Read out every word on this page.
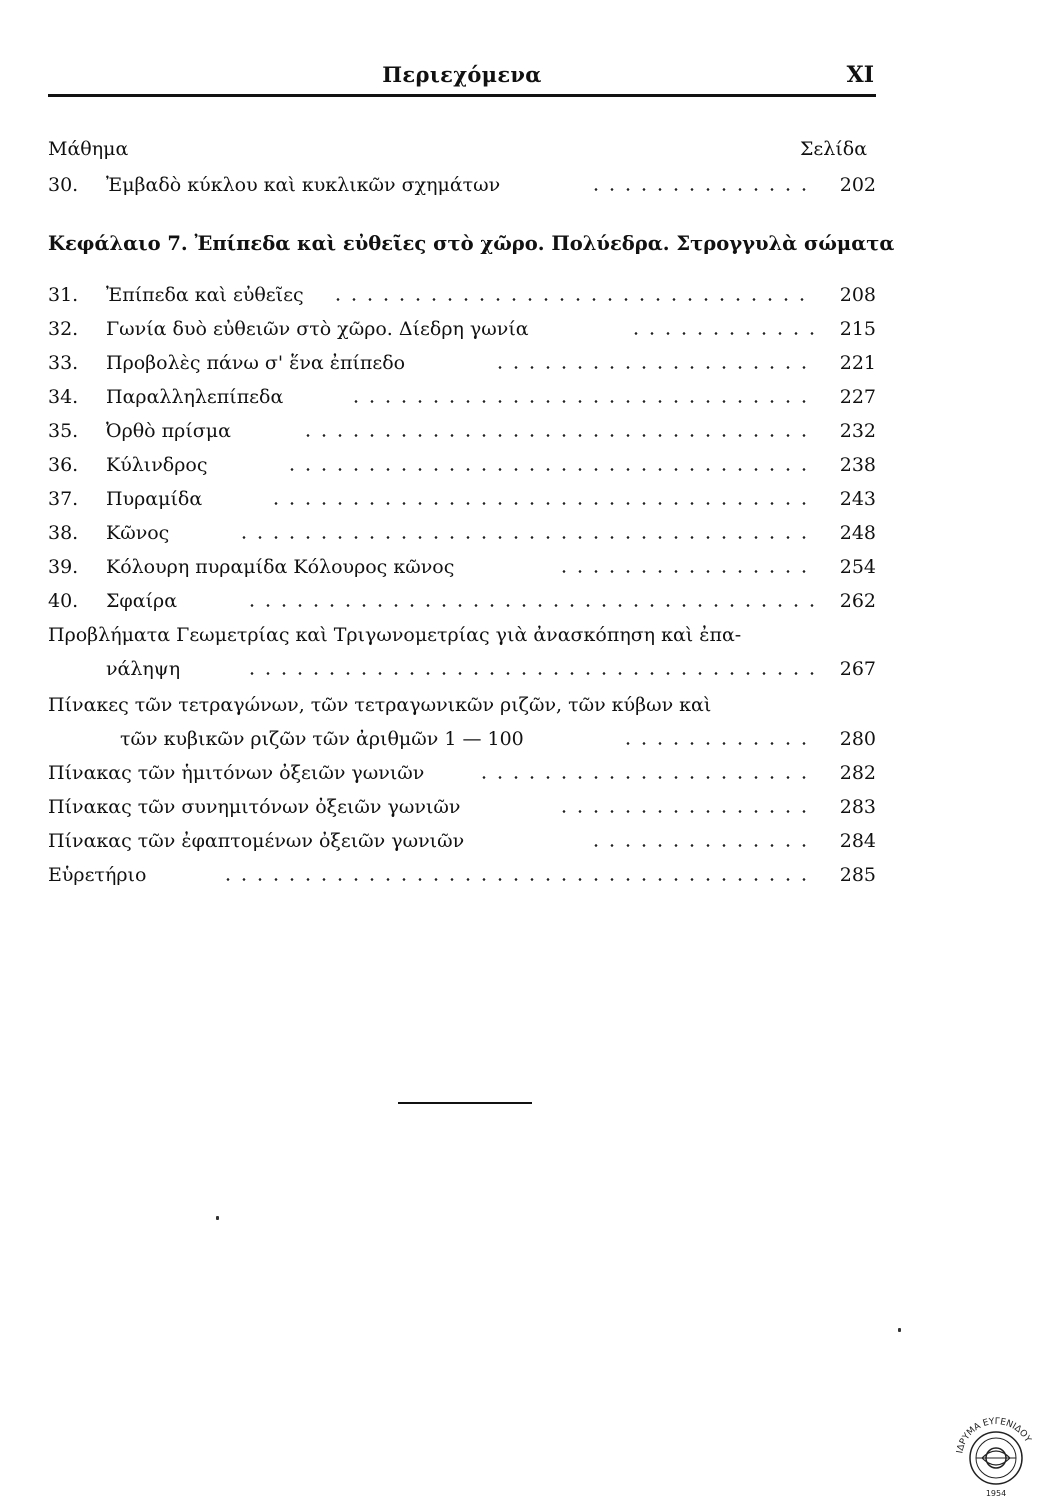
Περιεχόμενα	XI
Μάθημα	Σελίδα
30. Ἐμβαδὸ κύκλου καὶ κυκλικῶν σχημάτων	202
Κεφάλαιο 7. Ἐπίπεδα καὶ εὐθεῖες στὸ χῶρο. Πολύεδρα. Στρογγυλὰ σώματα
31. Ἐπίπεδα καὶ εὐθεῖες	208
32. Γωνία δυὸ εὐθειῶν στὸ χῶρο. Δίεδρη γωνία	215
33. Προβολὲς πάνω σ' ἕνα ἐπίπεδο	221
34. Παραλληλεπίπεδα	227
35. Ὀρθὸ πρίσμα	232
36. Κύλινδρος	238
37. Πυραμίδα	243
38. Κῶνος	248
39. Κόλουρη πυραμίδα Κόλουρος κῶνος	254
40. Σφαίρα	262
Προβλήματα Γεωμετρίας καὶ Τριγωνομετρίας γιὰ ἀνασκόπηση καὶ ἐπα-
νάληψη	267
Πίνακες τῶν τετραγώνων, τῶν τετραγωνικῶν ριζῶν, τῶν κύβων καὶ
τῶν κυβικῶν ριζῶν τῶν ἀριθμῶν 1 — 100	280
Πίνακας τῶν ἡμιτόνων ὀξειῶν γωνιῶν	282
Πίνακας τῶν συνημιτόνων ὀξειῶν γωνιῶν	283
Πίνακας τῶν ἐφαπτομένων ὀξειῶν γωνιῶν	284
Εὑρετήριο	285
ΙΔΡΥΜΑ ΕΥΓΕΝΙΔΟΥ
1954
